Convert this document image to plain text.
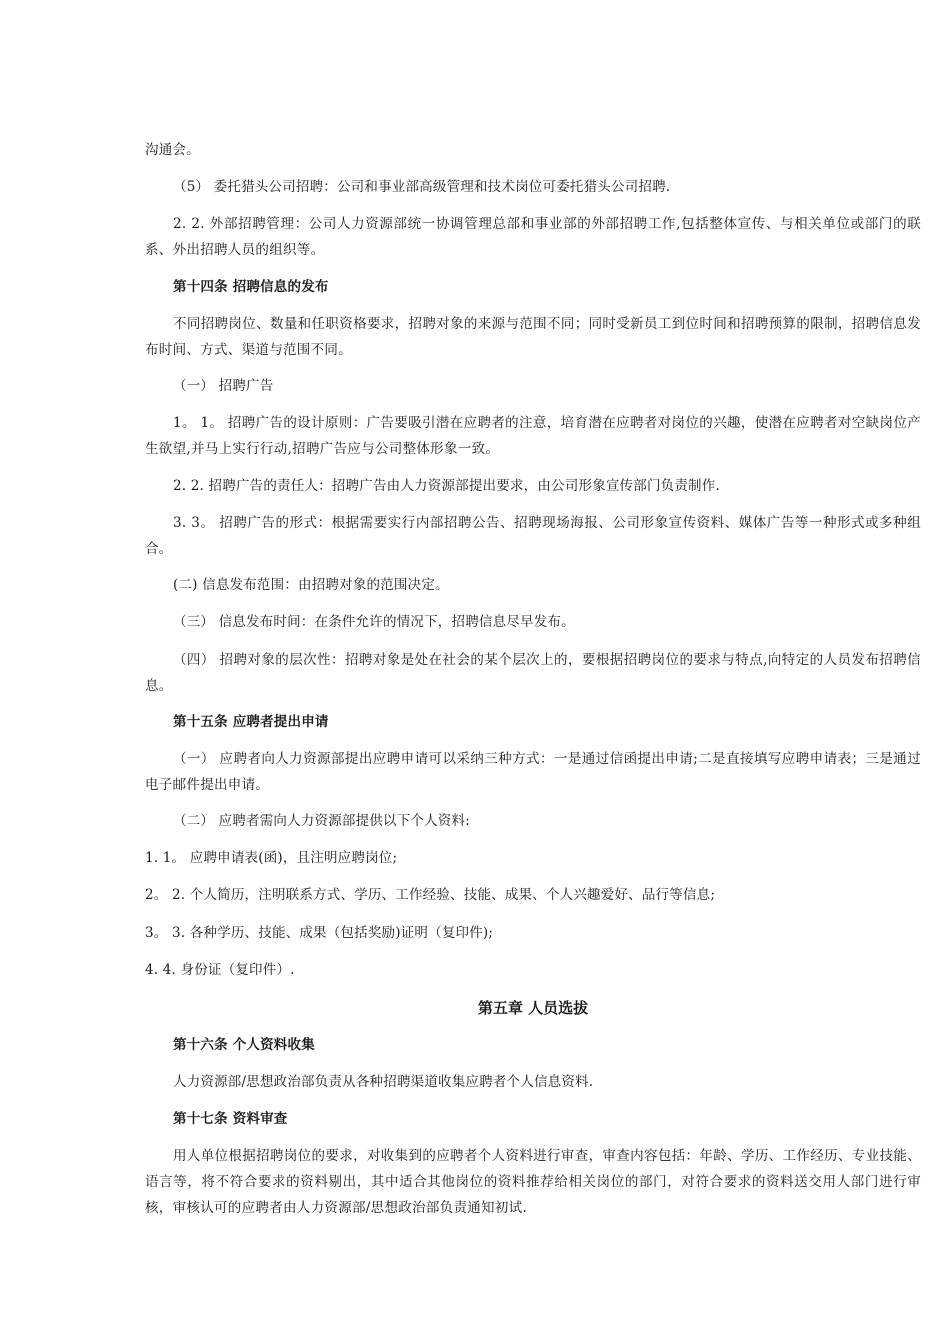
沟通会。
（5） 委托猎头公司招聘：公司和事业部高级管理和技术岗位可委托猎头公司招聘.
2. 2. 外部招聘管理：公司人力资源部统一协调管理总部和事业部的外部招聘工作,包括整体宣传、与相关单位或部门的联系、外出招聘人员的组织等。
第十四条 招聘信息的发布
不同招聘岗位、数量和任职资格要求，招聘对象的来源与范围不同；同时受新员工到位时间和招聘预算的限制，招聘信息发布时间、方式、渠道与范围不同。
（一） 招聘广告
1。 1。 招聘广告的设计原则：广告要吸引潜在应聘者的注意，培育潜在应聘者对岗位的兴趣，使潜在应聘者对空缺岗位产生欲望,并马上实行行动,招聘广告应与公司整体形象一致。
2. 2. 招聘广告的责任人：招聘广告由人力资源部提出要求，由公司形象宣传部门负责制作.
3. 3。 招聘广告的形式：根据需要实行内部招聘公告、招聘现场海报、公司形象宣传资料、媒体广告等一种形式或多种组合。
(二) 信息发布范围：由招聘对象的范围决定。
（三） 信息发布时间：在条件允许的情况下，招聘信息尽早发布。
（四） 招聘对象的层次性：招聘对象是处在社会的某个层次上的，要根据招聘岗位的要求与特点,向特定的人员发布招聘信息。
第十五条 应聘者提出申请
（一） 应聘者向人力资源部提出应聘申请可以采纳三种方式：一是通过信函提出申请;二是直接填写应聘申请表；三是通过电子邮件提出申请。
（二） 应聘者需向人力资源部提供以下个人资料:
1. 1。 应聘申请表(函)，且注明应聘岗位;
2。 2. 个人简历，注明联系方式、学历、工作经验、技能、成果、个人兴趣爱好、品行等信息;
3。 3. 各种学历、技能、成果（包括奖励)证明（复印件);
4. 4. 身份证（复印件）.
第五章 人员选拔
第十六条 个人资料收集
人力资源部/思想政治部负责从各种招聘渠道收集应聘者个人信息资料.
第十七条 资料审查
用人单位根据招聘岗位的要求，对收集到的应聘者个人资料进行审查，审查内容包括：年龄、学历、工作经历、专业技能、语言等，将不符合要求的资料剔出，其中适合其他岗位的资料推荐给相关岗位的部门，对符合要求的资料送交用人部门进行审核，审核认可的应聘者由人力资源部/思想政治部负责通知初试.
